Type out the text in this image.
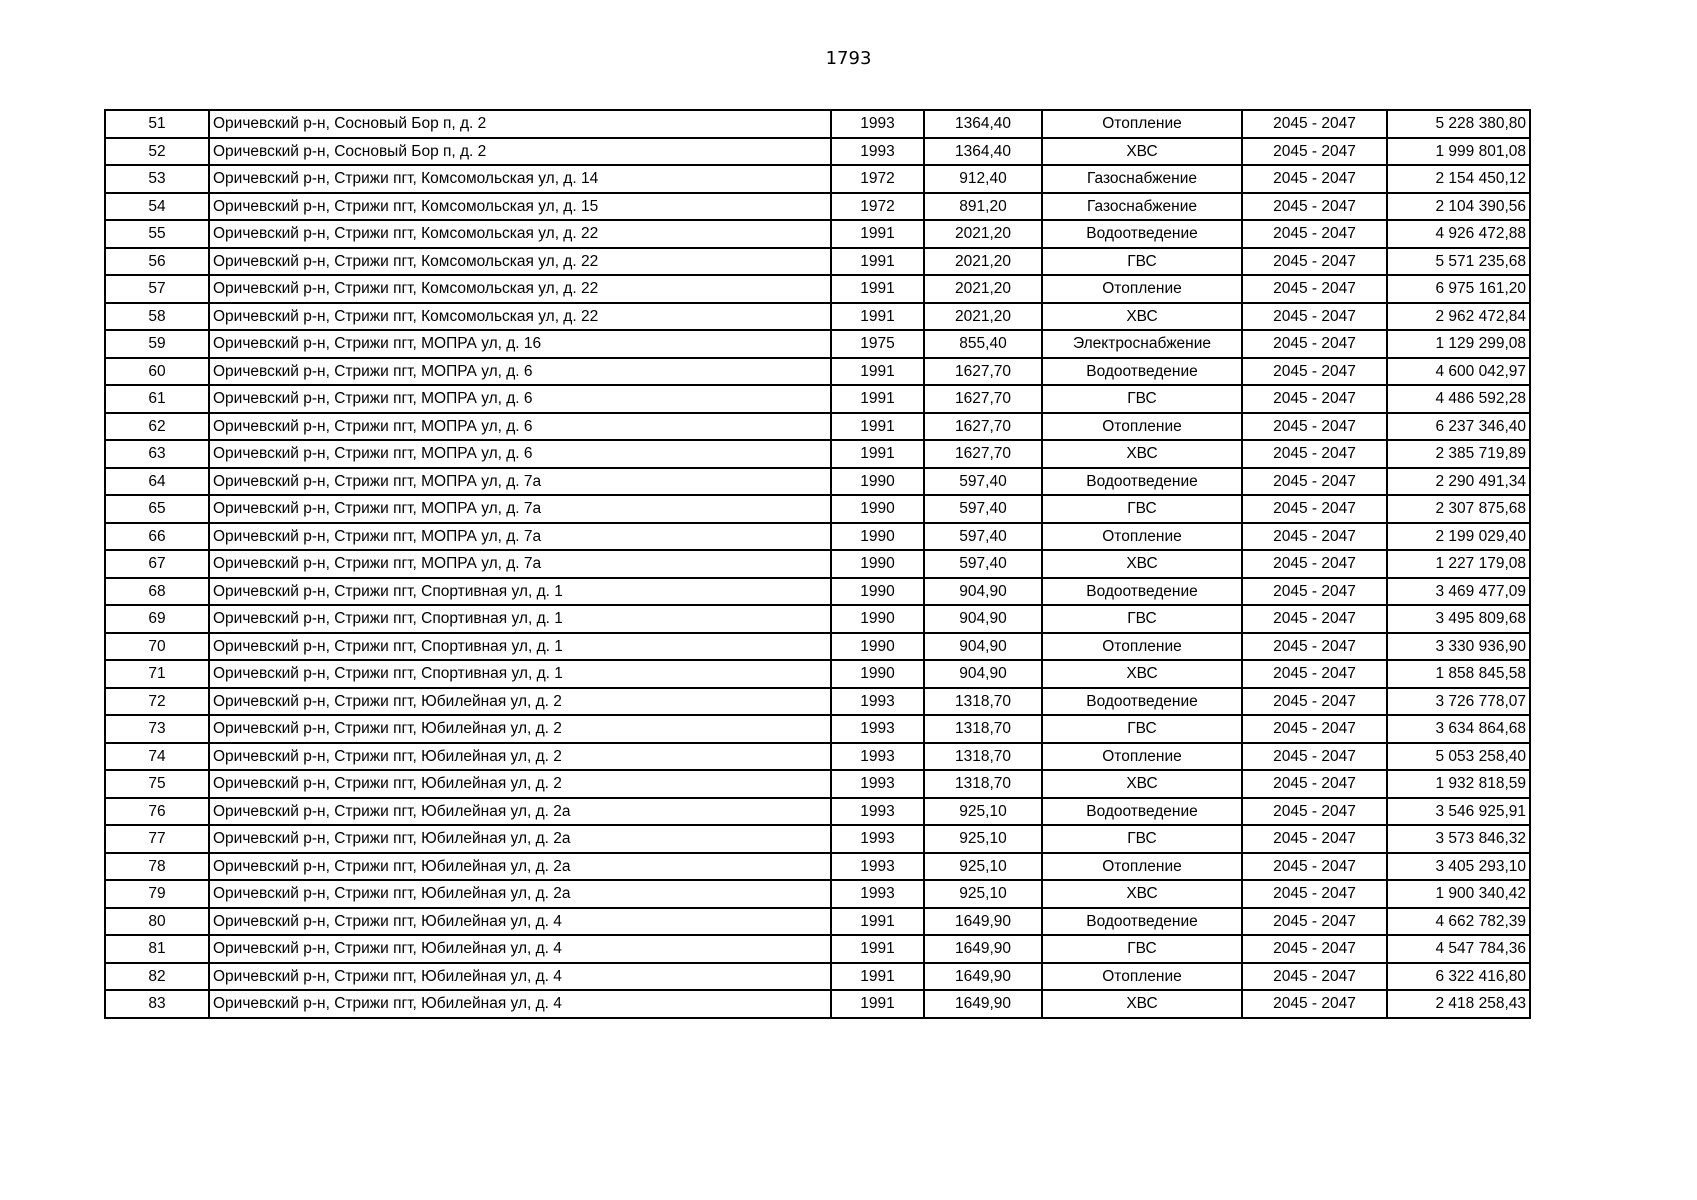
1793
51	Оричевский р-н, Сосновый Бор п, д. 2	1993	1364,40	Отопление	2045 - 2047	5 228 380,80
52	Оричевский р-н, Сосновый Бор п, д. 2	1993	1364,40	ХВС	2045 - 2047	1 999 801,08
53	Оричевский р-н, Стрижи пгт, Комсомольская ул, д. 14	1972	912,40	Газоснабжение	2045 - 2047	2 154 450,12
54	Оричевский р-н, Стрижи пгт, Комсомольская ул, д. 15	1972	891,20	Газоснабжение	2045 - 2047	2 104 390,56
55	Оричевский р-н, Стрижи пгт, Комсомольская ул, д. 22	1991	2021,20	Водоотведение	2045 - 2047	4 926 472,88
56	Оричевский р-н, Стрижи пгт, Комсомольская ул, д. 22	1991	2021,20	ГВС	2045 - 2047	5 571 235,68
57	Оричевский р-н, Стрижи пгт, Комсомольская ул, д. 22	1991	2021,20	Отопление	2045 - 2047	6 975 161,20
58	Оричевский р-н, Стрижи пгт, Комсомольская ул, д. 22	1991	2021,20	ХВС	2045 - 2047	2 962 472,84
59	Оричевский р-н, Стрижи пгт, МОПРА ул, д. 16	1975	855,40	Электроснабжение	2045 - 2047	1 129 299,08
60	Оричевский р-н, Стрижи пгт, МОПРА ул, д. 6	1991	1627,70	Водоотведение	2045 - 2047	4 600 042,97
61	Оричевский р-н, Стрижи пгт, МОПРА ул, д. 6	1991	1627,70	ГВС	2045 - 2047	4 486 592,28
62	Оричевский р-н, Стрижи пгт, МОПРА ул, д. 6	1991	1627,70	Отопление	2045 - 2047	6 237 346,40
63	Оричевский р-н, Стрижи пгт, МОПРА ул, д. 6	1991	1627,70	ХВС	2045 - 2047	2 385 719,89
64	Оричевский р-н, Стрижи пгт, МОПРА ул, д. 7а	1990	597,40	Водоотведение	2045 - 2047	2 290 491,34
65	Оричевский р-н, Стрижи пгт, МОПРА ул, д. 7а	1990	597,40	ГВС	2045 - 2047	2 307 875,68
66	Оричевский р-н, Стрижи пгт, МОПРА ул, д. 7а	1990	597,40	Отопление	2045 - 2047	2 199 029,40
67	Оричевский р-н, Стрижи пгт, МОПРА ул, д. 7а	1990	597,40	ХВС	2045 - 2047	1 227 179,08
68	Оричевский р-н, Стрижи пгт, Спортивная ул, д. 1	1990	904,90	Водоотведение	2045 - 2047	3 469 477,09
69	Оричевский р-н, Стрижи пгт, Спортивная ул, д. 1	1990	904,90	ГВС	2045 - 2047	3 495 809,68
70	Оричевский р-н, Стрижи пгт, Спортивная ул, д. 1	1990	904,90	Отопление	2045 - 2047	3 330 936,90
71	Оричевский р-н, Стрижи пгт, Спортивная ул, д. 1	1990	904,90	ХВС	2045 - 2047	1 858 845,58
72	Оричевский р-н, Стрижи пгт, Юбилейная ул, д. 2	1993	1318,70	Водоотведение	2045 - 2047	3 726 778,07
73	Оричевский р-н, Стрижи пгт, Юбилейная ул, д. 2	1993	1318,70	ГВС	2045 - 2047	3 634 864,68
74	Оричевский р-н, Стрижи пгт, Юбилейная ул, д. 2	1993	1318,70	Отопление	2045 - 2047	5 053 258,40
75	Оричевский р-н, Стрижи пгт, Юбилейная ул, д. 2	1993	1318,70	ХВС	2045 - 2047	1 932 818,59
76	Оричевский р-н, Стрижи пгт, Юбилейная ул, д. 2а	1993	925,10	Водоотведение	2045 - 2047	3 546 925,91
77	Оричевский р-н, Стрижи пгт, Юбилейная ул, д. 2а	1993	925,10	ГВС	2045 - 2047	3 573 846,32
78	Оричевский р-н, Стрижи пгт, Юбилейная ул, д. 2а	1993	925,10	Отопление	2045 - 2047	3 405 293,10
79	Оричевский р-н, Стрижи пгт, Юбилейная ул, д. 2а	1993	925,10	ХВС	2045 - 2047	1 900 340,42
80	Оричевский р-н, Стрижи пгт, Юбилейная ул, д. 4	1991	1649,90	Водоотведение	2045 - 2047	4 662 782,39
81	Оричевский р-н, Стрижи пгт, Юбилейная ул, д. 4	1991	1649,90	ГВС	2045 - 2047	4 547 784,36
82	Оричевский р-н, Стрижи пгт, Юбилейная ул, д. 4	1991	1649,90	Отопление	2045 - 2047	6 322 416,80
83	Оричевский р-н, Стрижи пгт, Юбилейная ул, д. 4	1991	1649,90	ХВС	2045 - 2047	2 418 258,43
